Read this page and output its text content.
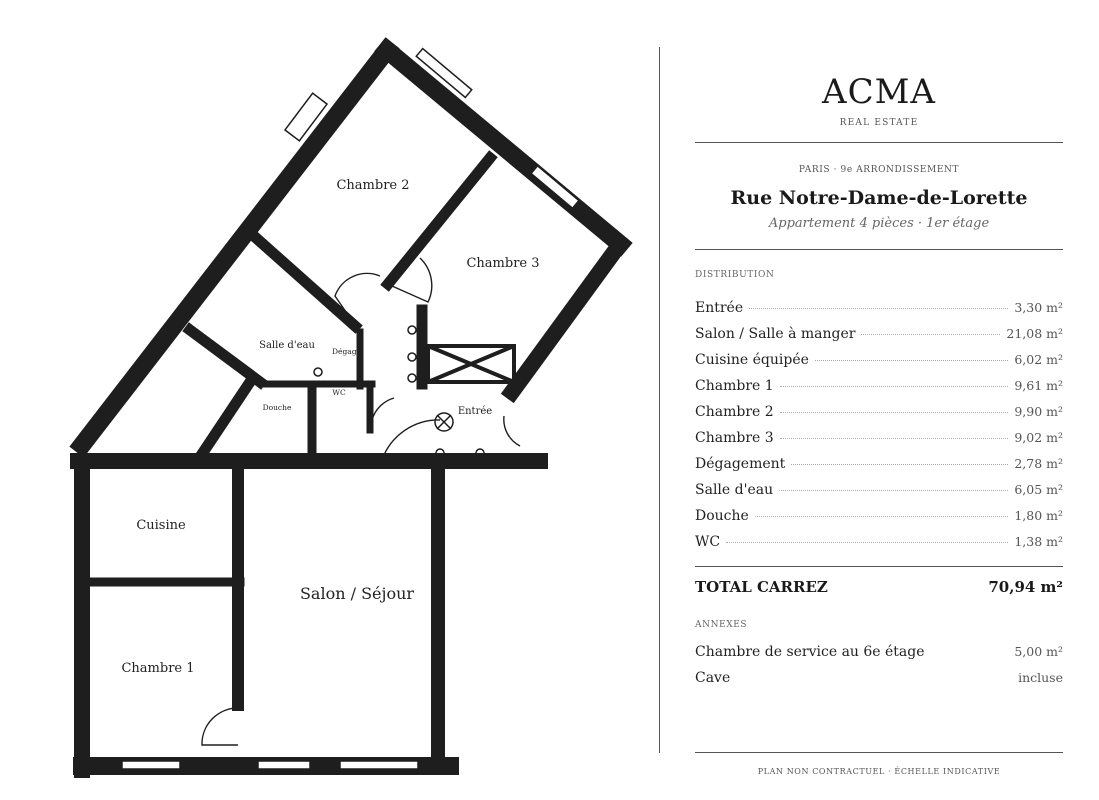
Chambre 2
Chambre 3
Salle d'eau
Dégagt.
WC
Douche	Entrée
Cuisine
Salon / Séjour
Chambre 1
ACMA
REAL ESTATE
PARIS · 9e ARRONDISSEMENT
Rue Notre-Dame-de-Lorette
Appartement 4 pièces · 1er étage
DISTRIBUTION
Entrée	3,30 m²
Salon / Salle à manger	21,08 m²
Cuisine équipée	6,02 m²
Chambre 1	9,61 m²
Chambre 2	9,90 m²
Chambre 3	9,02 m²
Dégagement	2,78 m²
Salle d'eau	6,05 m²
Douche	1,80 m²
WC	1,38 m²
TOTAL CARREZ	70,94 m²
ANNEXES
Chambre de service au 6e étage	5,00 m²
Cave	incluse
PLAN NON CONTRACTUEL · ÉCHELLE INDICATIVE
